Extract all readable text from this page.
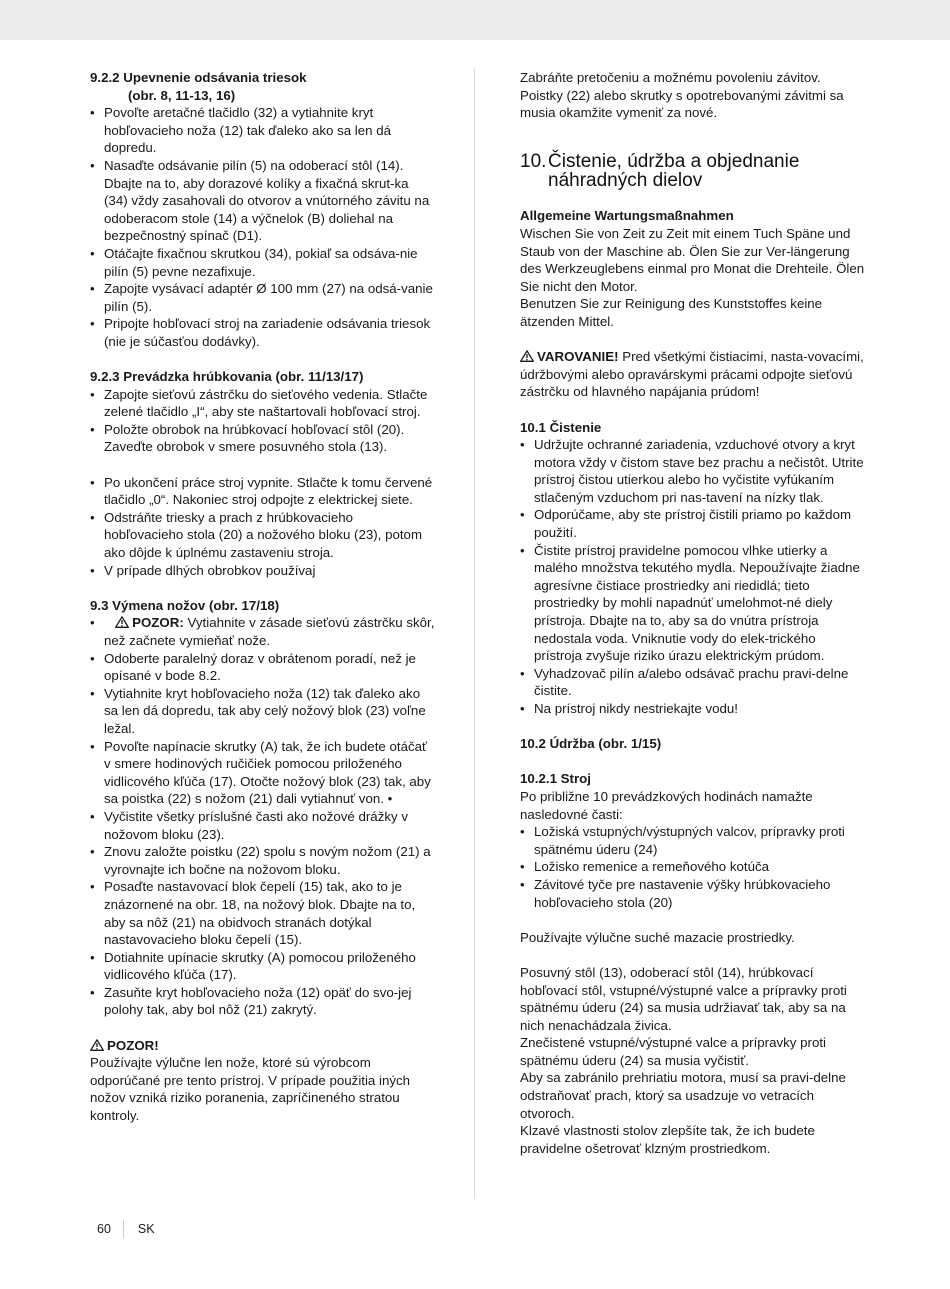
9.2.2 Upevnenie odsávania triesok

(obr. 8, 11-13, 16)

• Povoľte aretačné tlačidlo (32) a vytiahnite kryt hobľovacieho noža (12) tak ďaleko ako sa len dá dopredu.
• Nasaďte odsávanie pilín (5) na odoberací stôl (14). Dbajte na to, aby dorazové kolíky a fixačná skrut-ka (34) vždy zasahovali do otvorov a vnútorného závitu na odoberacom stole (14) a výčnelok (B) doliehal na bezpečnostný spínač (D1).
• Otáčajte fixačnou skrutkou (34), pokiaľ sa odsáva-nie pilín (5) pevne nezafixuje.
• Zapojte vysávací adaptér Ø 100 mm (27) na odsá-vanie pilín (5).
• Pripojte hobľovací stroj na zariadenie odsávania triesok (nie je súčasťou dodávky).

9.2.3 Prevádzka hrúbkovania (obr. 11/13/17)

• Zapojte sieťovú zástrčku do sieťového vedenia. Stlačte zelené tlačidlo „I“, aby ste naštartovali hobľovací stroj.
• Položte obrobok na hrúbkovací hobľovací stôl (20). Zaveďte obrobok v smere posuvného stola (13).
• Po ukončení práce stroj vypnite. Stlačte k tomu červené tlačidlo „0“. Nakoniec stroj odpojte z elektrickej siete.
• Odstráňte triesky a prach z hrúbkovacieho hobľovacieho stola (20) a nožového bloku (23), potom ako dôjde k úplnému zastaveniu stroja.
• V prípade dlhých obrobkov používaj

9.3 Výmena nožov (obr. 17/18)

• POZOR: Vytiahnite v zásade sieťovú zástrčku skôr, než začnete vymieňať nože.
• Odoberte paralelný doraz v obrátenom poradí, než je opísané v bode 8.2.
• Vytiahnite kryt hobľovacieho noža (12) tak ďaleko ako sa len dá dopredu, tak aby celý nožový blok (23) voľne ležal.
• Povoľte napínacie skrutky (A) tak, že ich budete otáčať v smere hodinových ručičiek pomocou priloženého vidlicového kľúča (17). Otočte nožový blok (23) tak, aby sa poistka (22) s nožom (21) dali vytiahnuť von. •
• Vyčistite všetky príslušné časti ako nožové drážky v nožovom bloku (23).
• Znovu založte poistku (22) spolu s novým nožom (21) a vyrovnajte ich bočne na nožovom bloku.
• Posaďte nastavovací blok čepelí (15) tak, ako to je znázornené na obr. 18, na nožový blok. Dbajte na to, aby sa nôž (21) na obidvoch stranách dotýkal nastavovacieho bloku čepelí (15).
• Dotiahnite upínacie skrutky (A) pomocou priloženého vidlicového kľúča (17).
• Zasuňte kryt hobľovacieho noža (12) opäť do svo-jej polohy tak, aby bol nôž (21) zakrytý.

POZOR!

Používajte výlučne len nože, ktoré sú výrobcom odporúčané pre tento prístroj. V prípade použitia iných nožov vzniká riziko poranenia, zapríčineného stratou kontroly.

Zabráňte pretočeniu a možnému povoleniu závitov. Poistky (22) alebo skrutky s opotrebovanými závitmi sa musia okamžite vymeniť za nové.

10. Čistenie, údržba a objednanie náhradných dielov

Allgemeine Wartungsmaßnahmen

Wischen Sie von Zeit zu Zeit mit einem Tuch Späne und Staub von der Maschine ab. Ölen Sie zur Ver-längerung des Werkzeuglebens einmal pro Monat die Drehteile. Ölen Sie nicht den Motor.

Benutzen Sie zur Reinigung des Kunststoffes keine ätzenden Mittel.

VAROVANIE! Pred všetkými čistiacimi, nasta-vovacími, údržbovými alebo opravárskymi prácami odpojte sieťovú zástrčku od hlavného napájania prúdom!

10.1 Čistenie

• Udržujte ochranné zariadenia, vzduchové otvory a kryt motora vždy v čistom stave bez prachu a nečistôt. Utrite prístroj čistou utierkou alebo ho vyčistite vyfúkaním stlačeným vzduchom pri nas-tavení na nízky tlak.
• Odporúčame, aby ste prístroj čistili priamo po každom použití.
• Čistite prístroj pravidelne pomocou vlhke utierky a malého množstva tekutého mydla. Nepoužívajte žiadne agresívne čistiace prostriedky ani riedidlá; tieto prostriedky by mohli napadnúť umelohmot-né diely prístroja. Dbajte na to, aby sa do vnútra prístroja nedostala voda. Vniknutie vody do elek-trického prístroja zvyšuje riziko úrazu elektrickým prúdom.
• Vyhadzovač pilín a/alebo odsávač prachu pravi-delne čistite.
• Na prístroj nikdy nestriekajte vodu!

10.2 Údržba (obr. 1/15)

10.2.1 Stroj

Po približne 10 prevádzkových hodinách namažte nasledovné časti:

• Ložiská vstupných/výstupných valcov, prípravky proti spätnému úderu (24)
• Ložisko remenice a remeňového kotúča
• Závitové tyče pre nastavenie výšky hrúbkovacieho hobľovacieho stola (20)

Používajte výlučne suché mazacie prostriedky.

Posuvný stôl (13), odoberací stôl (14), hrúbkovací hobľovací stôl, vstupné/výstupné valce a prípravky proti spätnému úderu (24) sa musia udržiavať tak, aby sa na nich nenachádzala živica.

Znečistené vstupné/výstupné valce a prípravky proti spätnému úderu (24) sa musia vyčistiť.

Aby sa zabránilo prehriatiu motora, musí sa pravi-delne odstraňovať prach, ktorý sa usadzuje vo vetracích otvoroch.

Klzavé vlastnosti stolov zlepšíte tak, že ich budete pravidelne ošetrovať klzným prostriedkom.

60 SK
